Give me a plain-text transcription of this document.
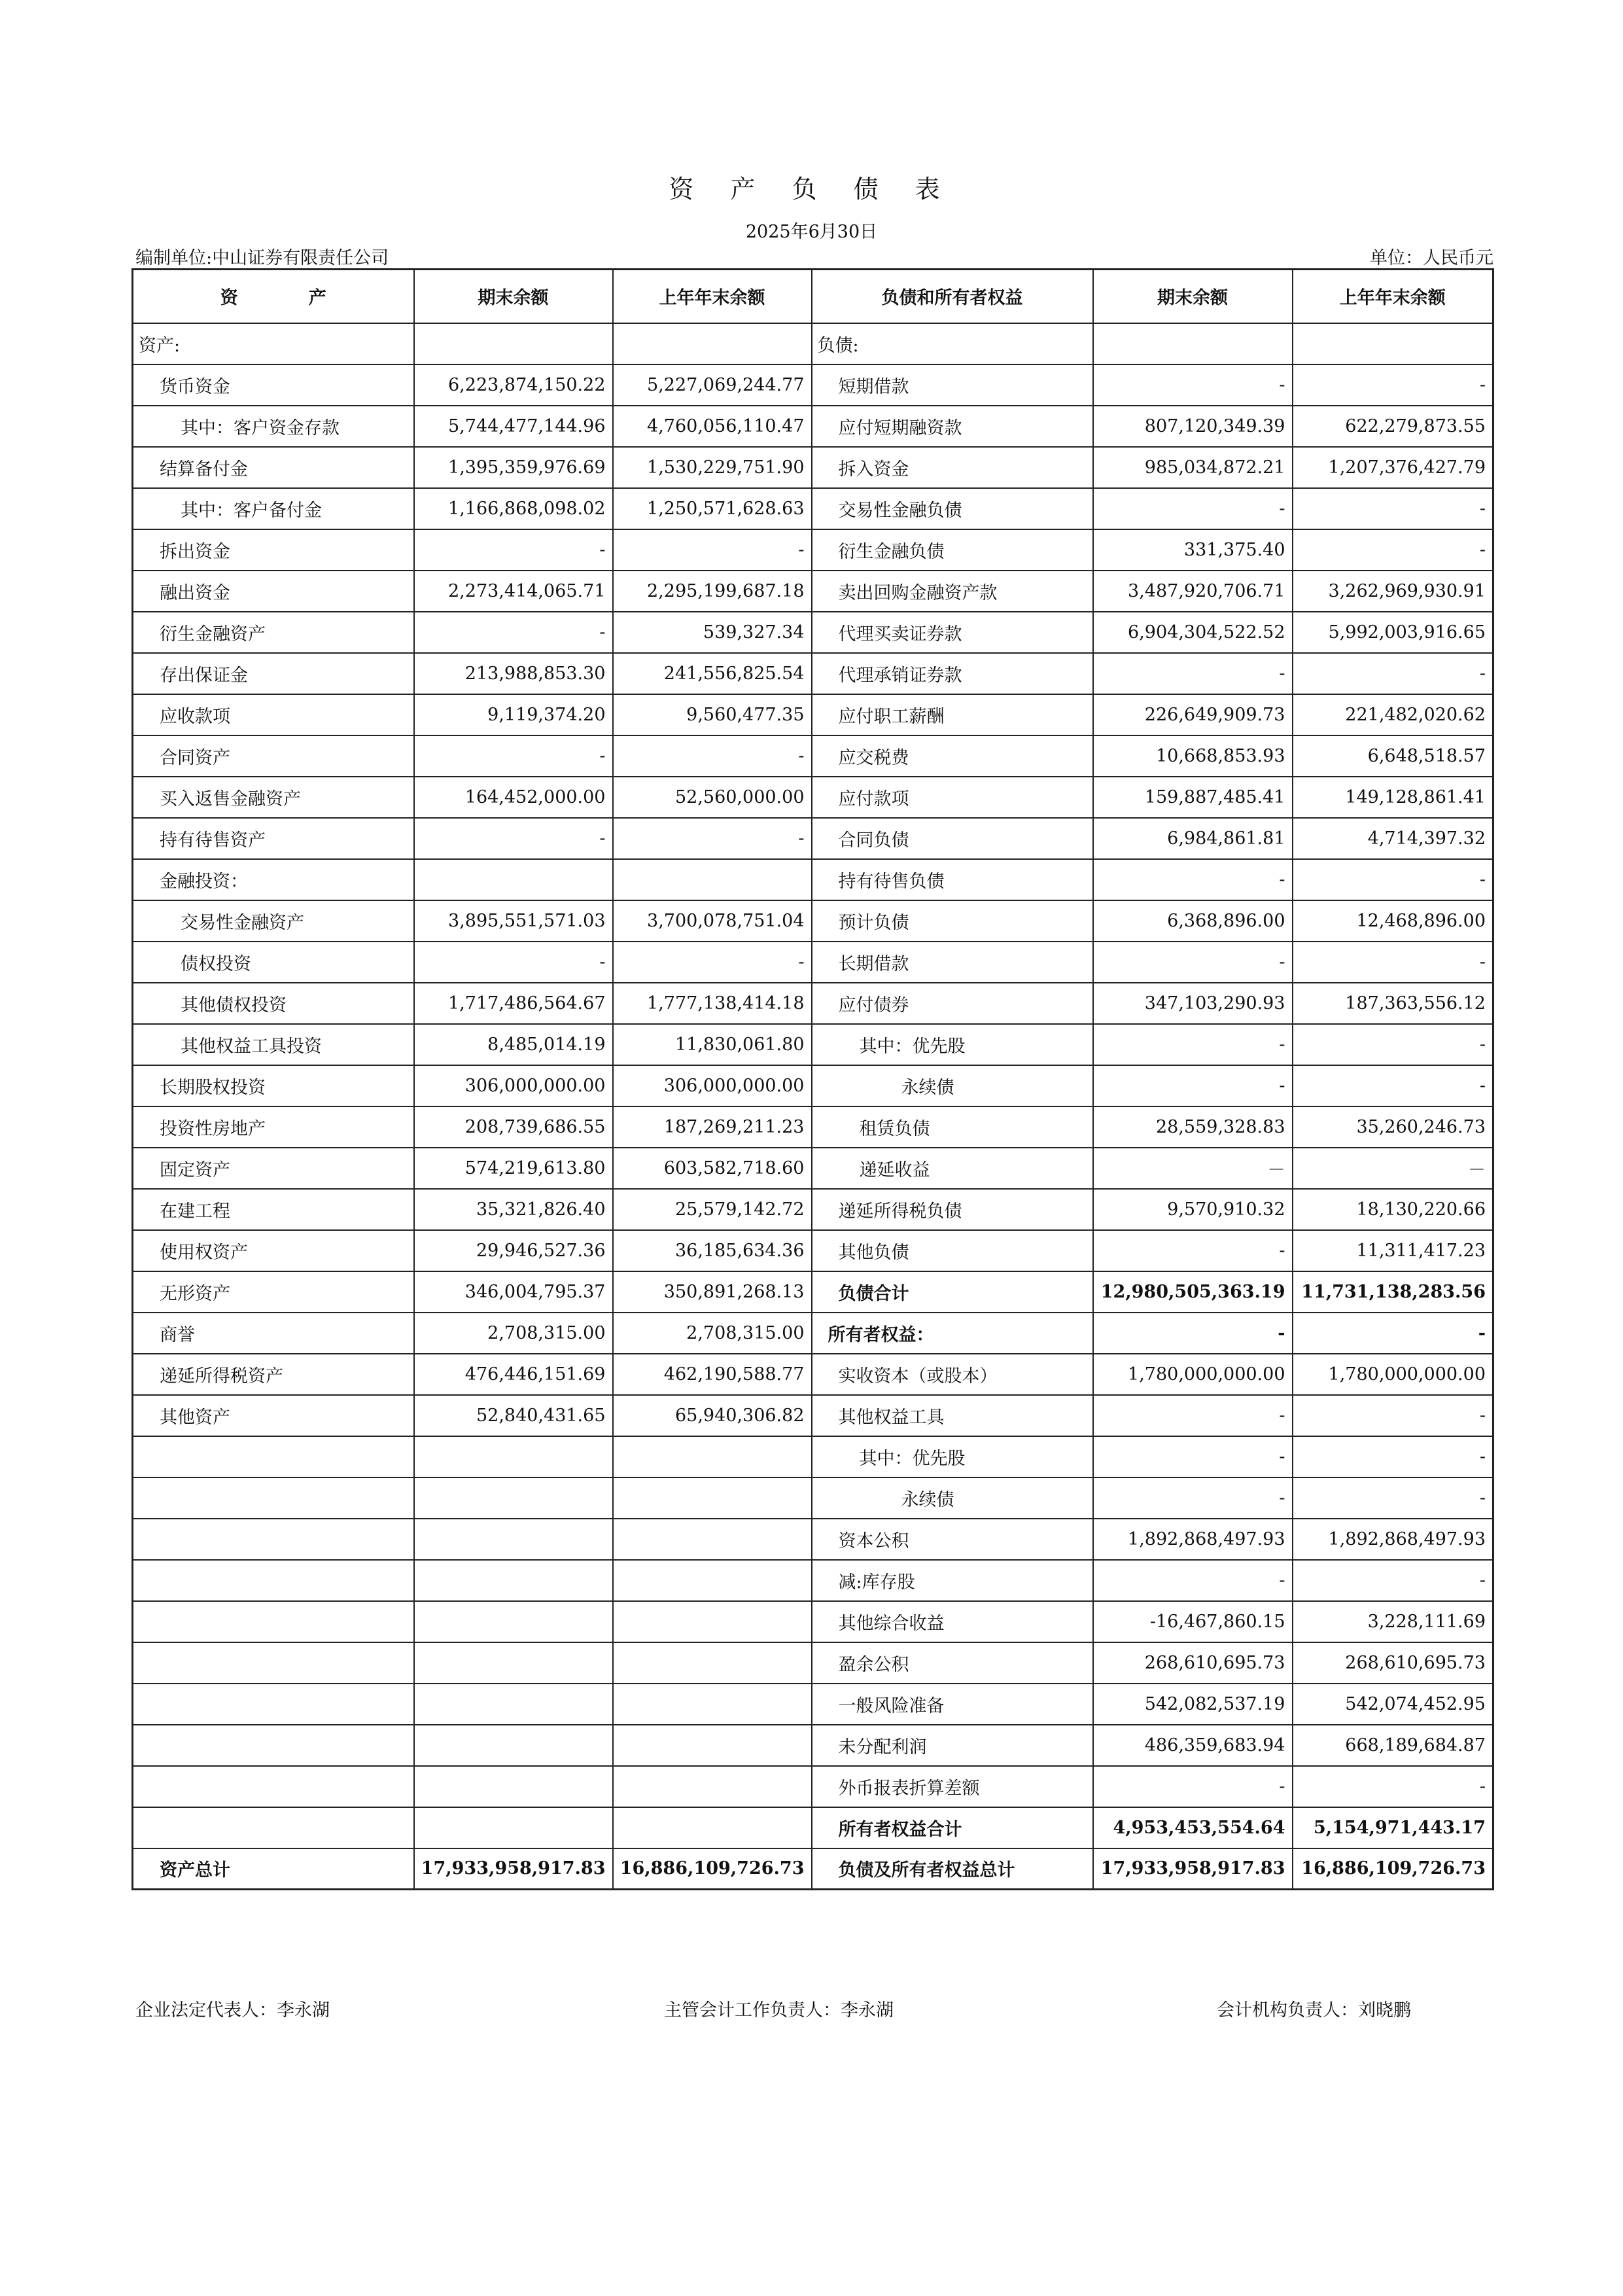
资 产 负 债 表
2025年6月30日
编制单位:中山证券有限责任公司	单位：人民币元
资　　　　产	期末余额	上年年末余额	负债和所有者权益	期末余额	上年年末余额
资产:			负债:		
货币资金	6,223,874,150.22	5,227,069,244.77	短期借款	-	-
其中：客户资金存款	5,744,477,144.96	4,760,056,110.47	应付短期融资款	807,120,349.39	622,279,873.55
结算备付金	1,395,359,976.69	1,530,229,751.90	拆入资金	985,034,872.21	1,207,376,427.79
其中：客户备付金	1,166,868,098.02	1,250,571,628.63	交易性金融负债	-	-
拆出资金	-	-	衍生金融负债	331,375.40	-
融出资金	2,273,414,065.71	2,295,199,687.18	卖出回购金融资产款	3,487,920,706.71	3,262,969,930.91
衍生金融资产	-	539,327.34	代理买卖证券款	6,904,304,522.52	5,992,003,916.65
存出保证金	213,988,853.30	241,556,825.54	代理承销证券款	-	-
应收款项	9,119,374.20	9,560,477.35	应付职工薪酬	226,649,909.73	221,482,020.62
合同资产	-	-	应交税费	10,668,853.93	6,648,518.57
买入返售金融资产	164,452,000.00	52,560,000.00	应付款项	159,887,485.41	149,128,861.41
持有待售资产	-	-	合同负债	6,984,861.81	4,714,397.32
金融投资：			持有待售负债	-	-
交易性金融资产	3,895,551,571.03	3,700,078,751.04	预计负债	6,368,896.00	12,468,896.00
债权投资	-	-	长期借款	-	-
其他债权投资	1,717,486,564.67	1,777,138,414.18	应付债券	347,103,290.93	187,363,556.12
其他权益工具投资	8,485,014.19	11,830,061.80	其中：优先股	-	-
长期股权投资	306,000,000.00	306,000,000.00	永续债	-	-
投资性房地产	208,739,686.55	187,269,211.23	租赁负债	28,559,328.83	35,260,246.73
固定资产	574,219,613.80	603,582,718.60	递延收益	－	－
在建工程	35,321,826.40	25,579,142.72	递延所得税负债	9,570,910.32	18,130,220.66
使用权资产	29,946,527.36	36,185,634.36	其他负债	-	11,311,417.23
无形资产	346,004,795.37	350,891,268.13	负债合计	12,980,505,363.19	11,731,138,283.56
商誉	2,708,315.00	2,708,315.00	所有者权益：	-	-
递延所得税资产	476,446,151.69	462,190,588.77	实收资本（或股本）	1,780,000,000.00	1,780,000,000.00
其他资产	52,840,431.65	65,940,306.82	其他权益工具	-	-
			其中：优先股	-	-
			永续债	-	-
			资本公积	1,892,868,497.93	1,892,868,497.93
			减:库存股	-	-
			其他综合收益	-16,467,860.15	3,228,111.69
			盈余公积	268,610,695.73	268,610,695.73
			一般风险准备	542,082,537.19	542,074,452.95
			未分配利润	486,359,683.94	668,189,684.87
			外币报表折算差额	-	-
			所有者权益合计	4,953,453,554.64	5,154,971,443.17
资产总计	17,933,958,917.83	16,886,109,726.73	负债及所有者权益总计	17,933,958,917.83	16,886,109,726.73
企业法定代表人：李永湖	主管会计工作负责人：李永湖	会计机构负责人：刘晓鹏
